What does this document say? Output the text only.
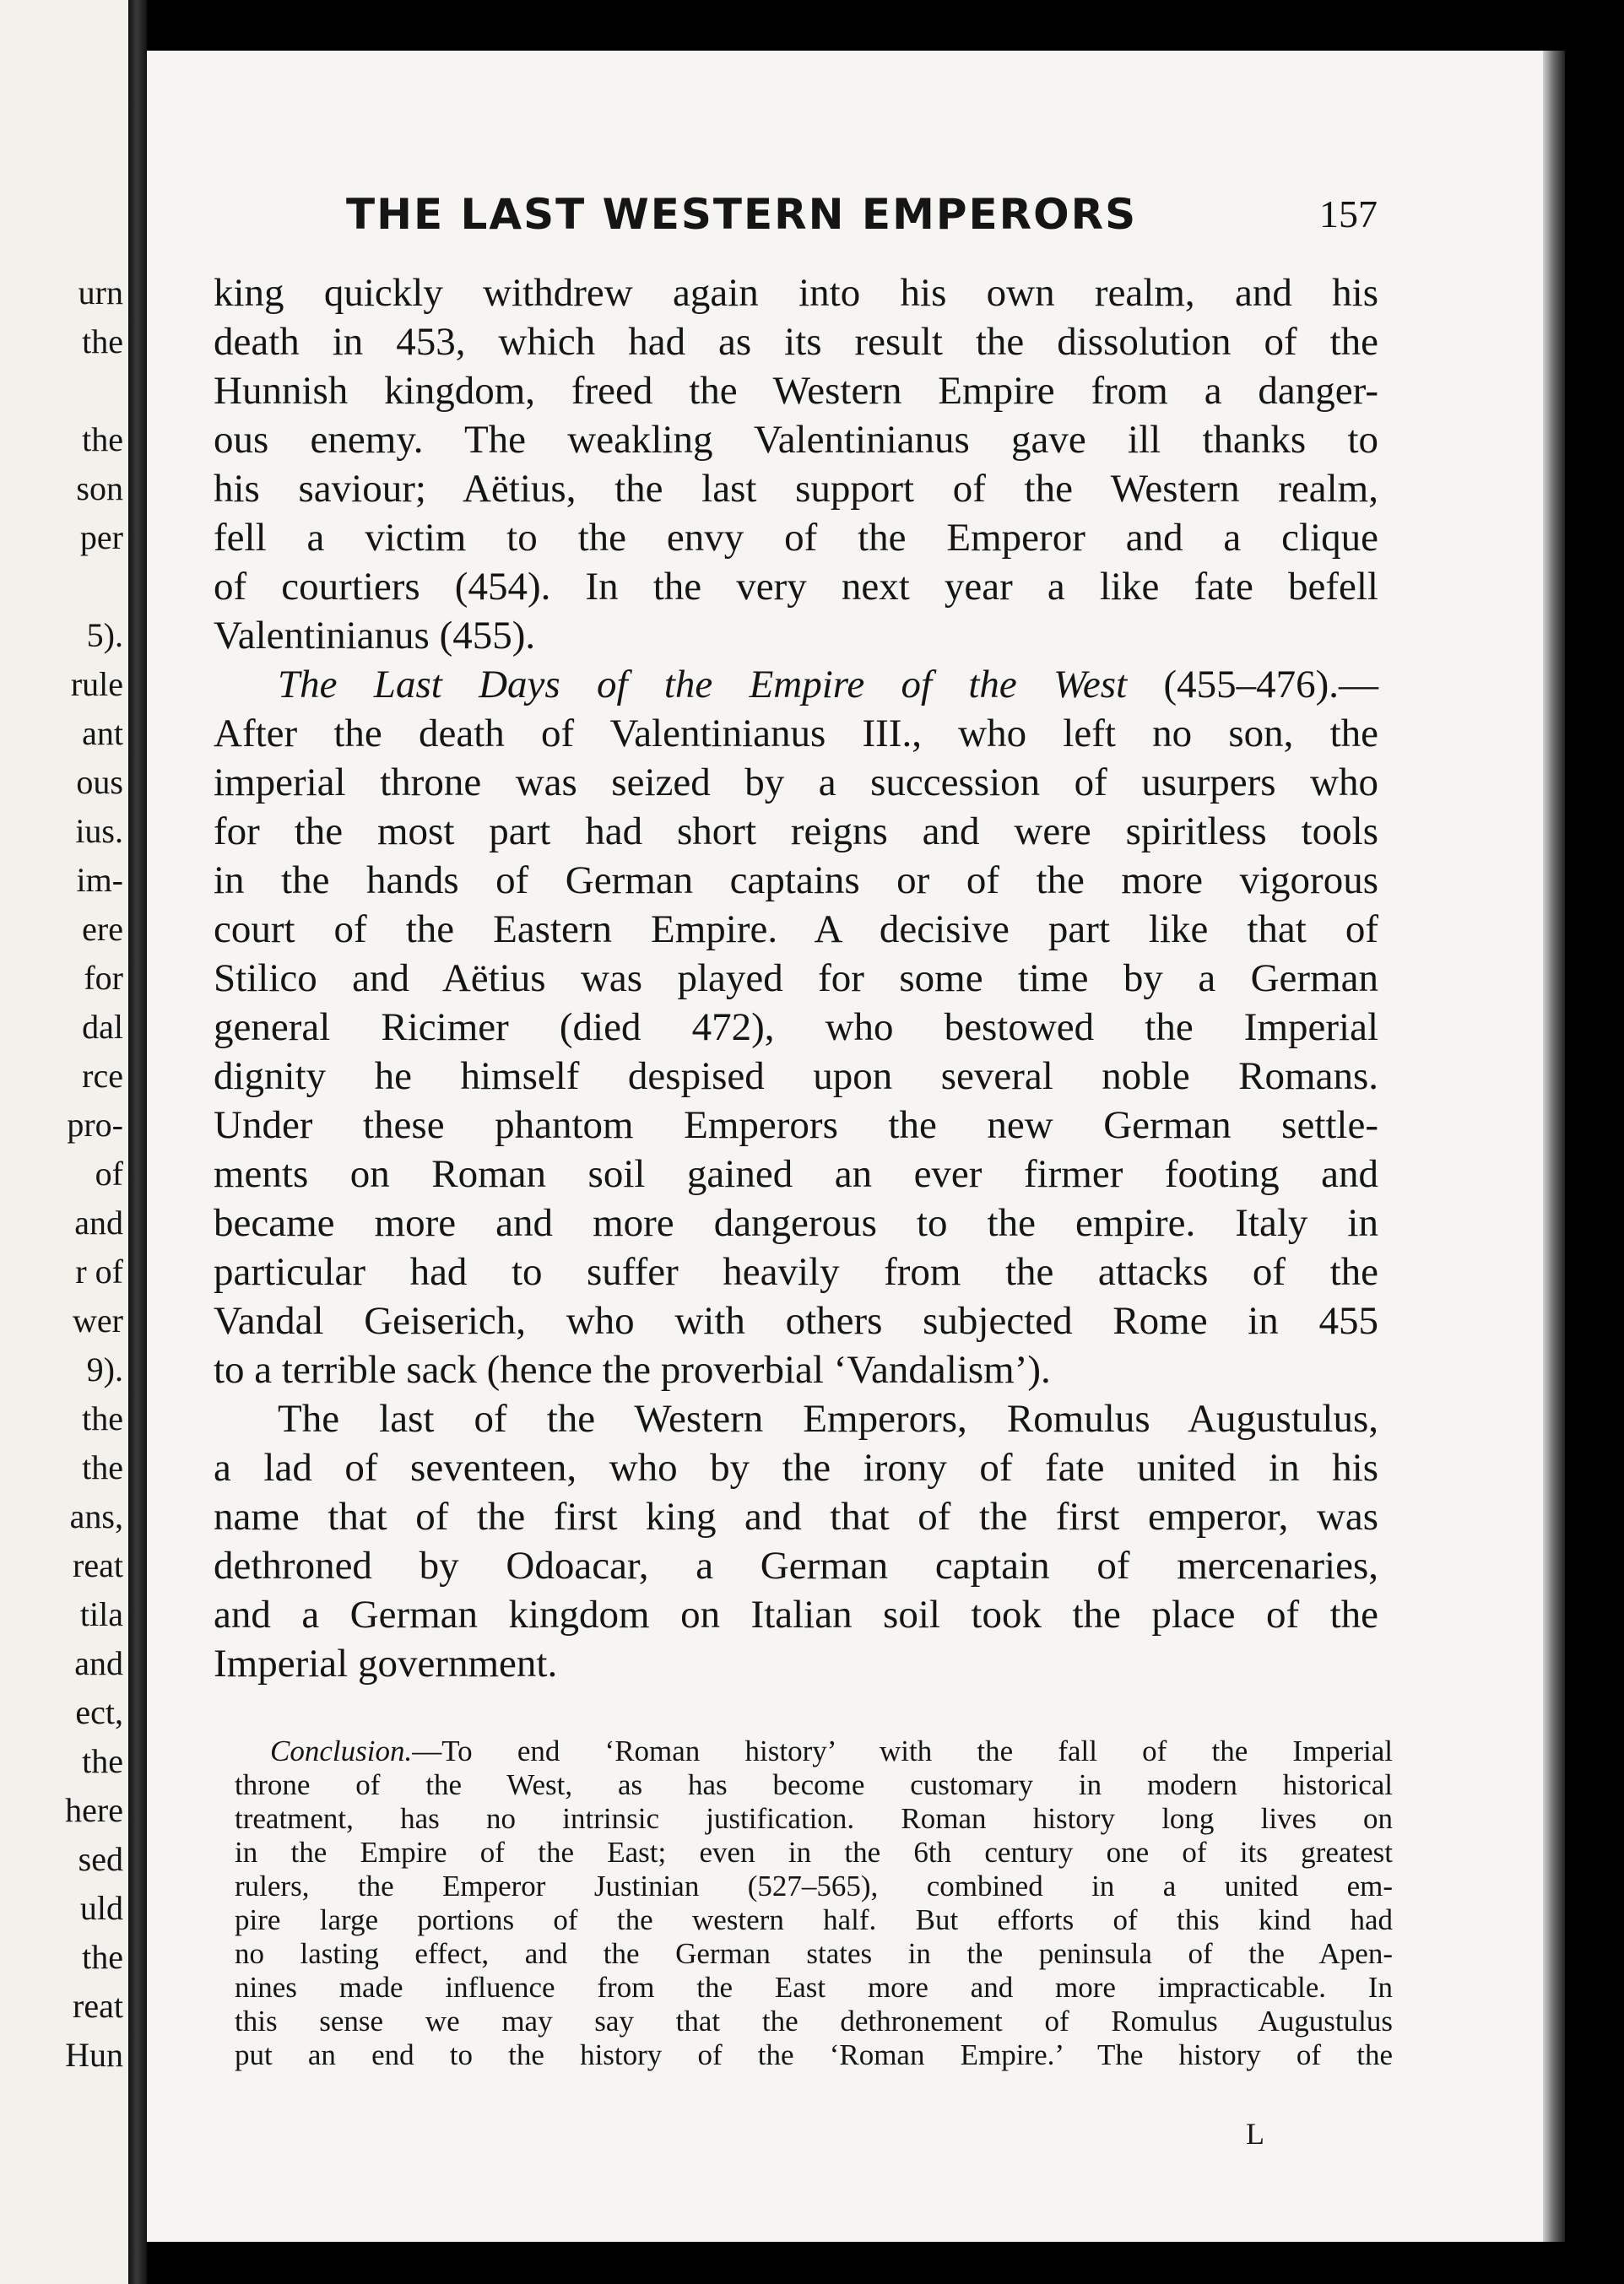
urn
the
the
son
per
5).
rule
ant
ous
ius.
im-
ere
for
dal
rce
pro-
of
and
r of
wer
9).
the
the
ans,
reat
tila
and
ect,
the
here
sed
uld
the
reat
Hun
THE LAST WESTERN EMPERORS	157
king quickly withdrew again into his own realm, and his
death in 453, which had as its result the dissolution of the
Hunnish kingdom, freed the Western Empire from a danger-
ous enemy. The weakling Valentinianus gave ill thanks to
his saviour; Aëtius, the last support of the Western realm,
fell a victim to the envy of the Emperor and a clique
of courtiers (454). In the very next year a like fate befell
Valentinianus (455).
The Last Days of the Empire of the West (455–476).—
After the death of Valentinianus III., who left no son, the
imperial throne was seized by a succession of usurpers who
for the most part had short reigns and were spiritless tools
in the hands of German captains or of the more vigorous
court of the Eastern Empire. A decisive part like that of
Stilico and Aëtius was played for some time by a German
general Ricimer (died 472), who bestowed the Imperial
dignity he himself despised upon several noble Romans.
Under these phantom Emperors the new German settle-
ments on Roman soil gained an ever firmer footing and
became more and more dangerous to the empire. Italy in
particular had to suffer heavily from the attacks of the
Vandal Geiserich, who with others subjected Rome in 455
to a terrible sack (hence the proverbial ‘Vandalism’).
The last of the Western Emperors, Romulus Augustulus,
a lad of seventeen, who by the irony of fate united in his
name that of the first king and that of the first emperor, was
dethroned by Odoacar, a German captain of mercenaries,
and a German kingdom on Italian soil took the place of the
Imperial government.
Conclusion.—To end ‘Roman history’ with the fall of the Imperial
throne of the West, as has become customary in modern historical
treatment, has no intrinsic justification. Roman history long lives on
in the Empire of the East; even in the 6th century one of its greatest
rulers, the Emperor Justinian (527–565), combined in a united em-
pire large portions of the western half. But efforts of this kind had
no lasting effect, and the German states in the peninsula of the Apen-
nines made influence from the East more and more impracticable. In
this sense we may say that the dethronement of Romulus Augustulus
put an end to the history of the ‘Roman Empire.’ The history of the
L
